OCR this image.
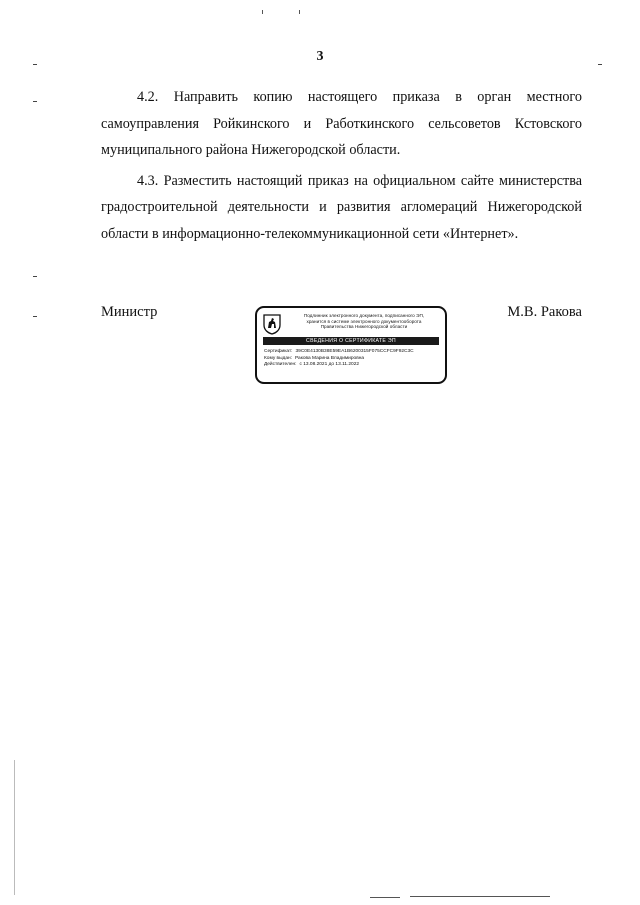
3

4.2. Направить копию настоящего приказа в орган местного самоуправления Ройкинского и Работкинского сельсоветов Кстовского муниципального района Нижегородской области.

4.3. Разместить настоящий приказ на официальном сайте министерства градостроительной деятельности и развития агломераций Нижегородской области в информационно-телекоммуникационной сети «Интернет».

Министр	М.В. Ракова
Подлинник электронного документа, подписанного ЭП,
хранится в системе электронного документооборота
Правительства Нижегородской области
СВЕДЕНИЯ О СЕРТИФИКАТЕ ЭП
Сертификат: 39C0E4130B38E59EA1B6200315F075CCFC9F92C3C
Кому выдан: Ракова Марина Владимировна
Действителен: с 13.08.2021 до 13.11.2022
